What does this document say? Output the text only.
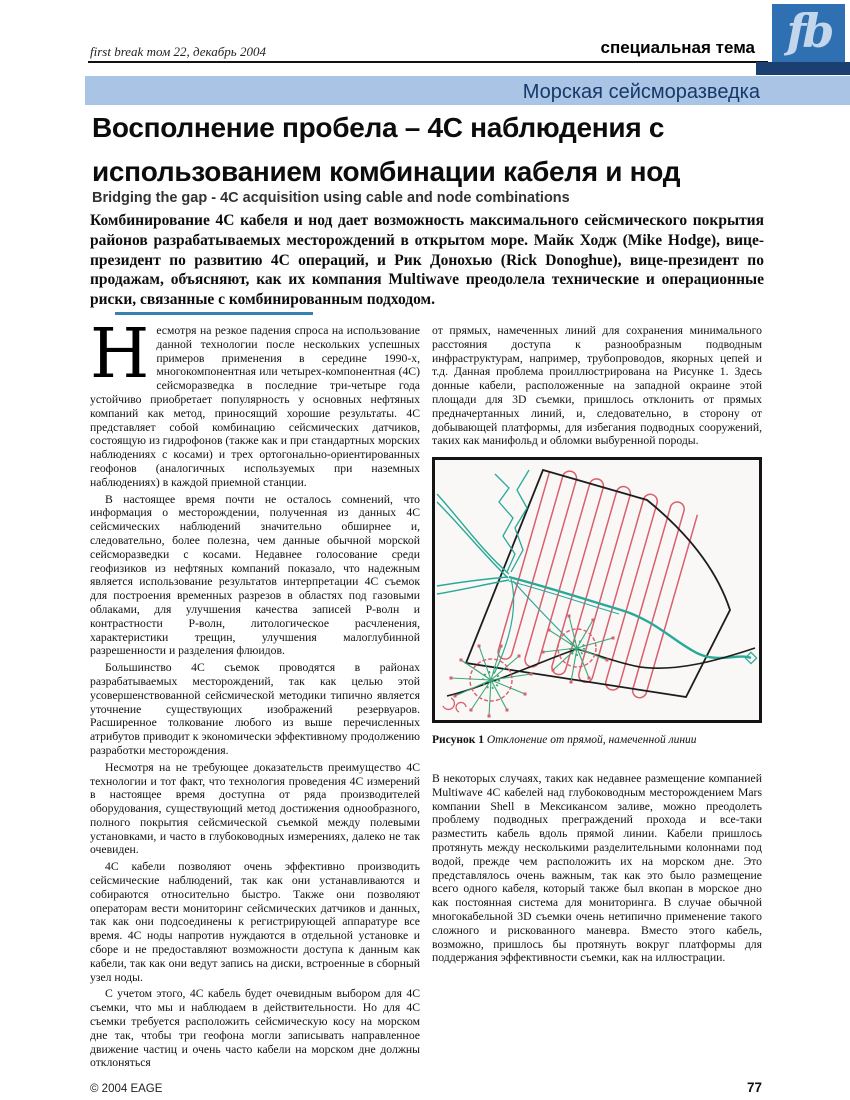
first break том 22, декабрь 2004	специальная тема fb
Морская сейсморазведка
Восполнение пробела – 4C наблюдения с
использованием комбинации кабеля и нод
Bridging the gap - 4C acquisition using cable and node combinations
Комбинирование 4C кабеля и нод дает возможность максимального сейсмического покрытия районов разрабатываемых месторождений в открытом море. Майк Ходж (Mike Hodge), вице-президент по развитию 4C операций, и Рик Донохью (Rick Donoghue), вице-президент по продажам, объясняют, как их компания Multiwave преодолела технические и операционные риски, связанные с комбинированным подходом.

Несмотря на резкое падения спроса на использование данной технологии после нескольких успешных примеров применения в середине 1990-х, многокомпонентная или четырех-компонентная (4C) сейсморазведка в последние три-четыре года устойчиво приобретает популярность у основных нефтяных компаний как метод, приносящий хорошие результаты. 4C представляет собой комбинацию сейсмических датчиков, состоящую из гидрофонов (также как и при стандартных морских наблюдениях с косами) и трех ортогонально-ориентированных геофонов (аналогичных используемых при наземных наблюдениях) в каждой приемной станции.

В настоящее время почти не осталось сомнений, что информация о месторождении, полученная из данных 4C сейсмических наблюдений значительно обширнее и, следовательно, более полезна, чем данные обычной морской сейсморазведки с косами. Недавнее голосование среди геофизиков из нефтяных компаний показало, что надежным является использование результатов интерпретации 4C съемок для построения временных разрезов в областях под газовыми облаками, для улучшения качества записей P-волн и контрастности P-волн, литологическое расчленения, характеристики трещин, улучшения малоглубинной разрешенности и разделения флюидов.

Большинство 4C съемок проводятся в районах разрабатываемых месторождений, так как целью этой усовершенствованной сейсмической методики типично является уточнение существующих изображений резервуаров. Расширенное толкование любого из выше перечисленных атрибутов приводит к экономически эффективному продолжению разработки месторождения.

Несмотря на не требующее доказательств преимущество 4C технологии и тот факт, что технология проведения 4C измерений в настоящее время доступна от ряда производителей оборудования, существующий метод достижения однообразного, полного покрытия сейсмической съемкой между полевыми установками, и часто в глубоководных измерениях, далеко не так очевиден.

4C кабели позволяют очень эффективно производить сейсмические наблюдений, так как они устанавливаются и собираются относительно быстро. Также они позволяют операторам вести мониторинг сейсмических датчиков и данных, так как они подсоединены к регистрирующей аппаратуре все время. 4C ноды напротив нуждаются в отдельной установке и сборе и не предоставляют возможности доступа к данным как кабели, так как они ведут запись на диски, встроенные в сборный узел ноды.

С учетом этого, 4C кабель будет очевидным выбором для 4C съемки, что мы и наблюдаем в действительности. Но для 4C съемки требуется расположить сейсмическую косу на морском дне так, чтобы три геофона могли записывать направленное движение частиц и очень часто кабели на морском дне должны отклоняться

от прямых, намеченных линий для сохранения минимального расстояния доступа к разнообразным подводным инфраструктурам, например, трубопроводов, якорных цепей и т.д. Данная проблема проиллюстрирована на Рисунке 1. Здесь донные кабели, расположенные на западной окраине этой площади для 3D съемки, пришлось отклонить от прямых предначертанных линий, и, следовательно, в сторону от добывающей платформы, для избегания подводных сооружений, таких как манифольд и обломки выбуренной породы.

Рисунок 1 Отклонение от прямой, намеченной линии

В некоторых случаях, таких как недавнее размещение компанией Multiwave 4C кабелей над глубоководным месторождением Mars компании Shell в Мексикансом заливе, можно преодолеть проблему подводных преграждений прохода и все-таки разместить кабель вдоль прямой линии. Кабели пришлось протянуть между несколькими разделительными колоннами под водой, прежде чем расположить их на морском дне. Это представлялось очень важным, так как это было размещение всего одного кабеля, который также был вкопан в морское дно как постоянная система для мониторинга. В случае обычной многокабельной 3D съемки очень нетипично применение такого сложного и рискованного маневра. Вместо этого кабель, возможно, пришлось бы протянуть вокруг платформы для поддержания эффективности съемки, как на иллюстрации.

© 2004 EAGE	77
